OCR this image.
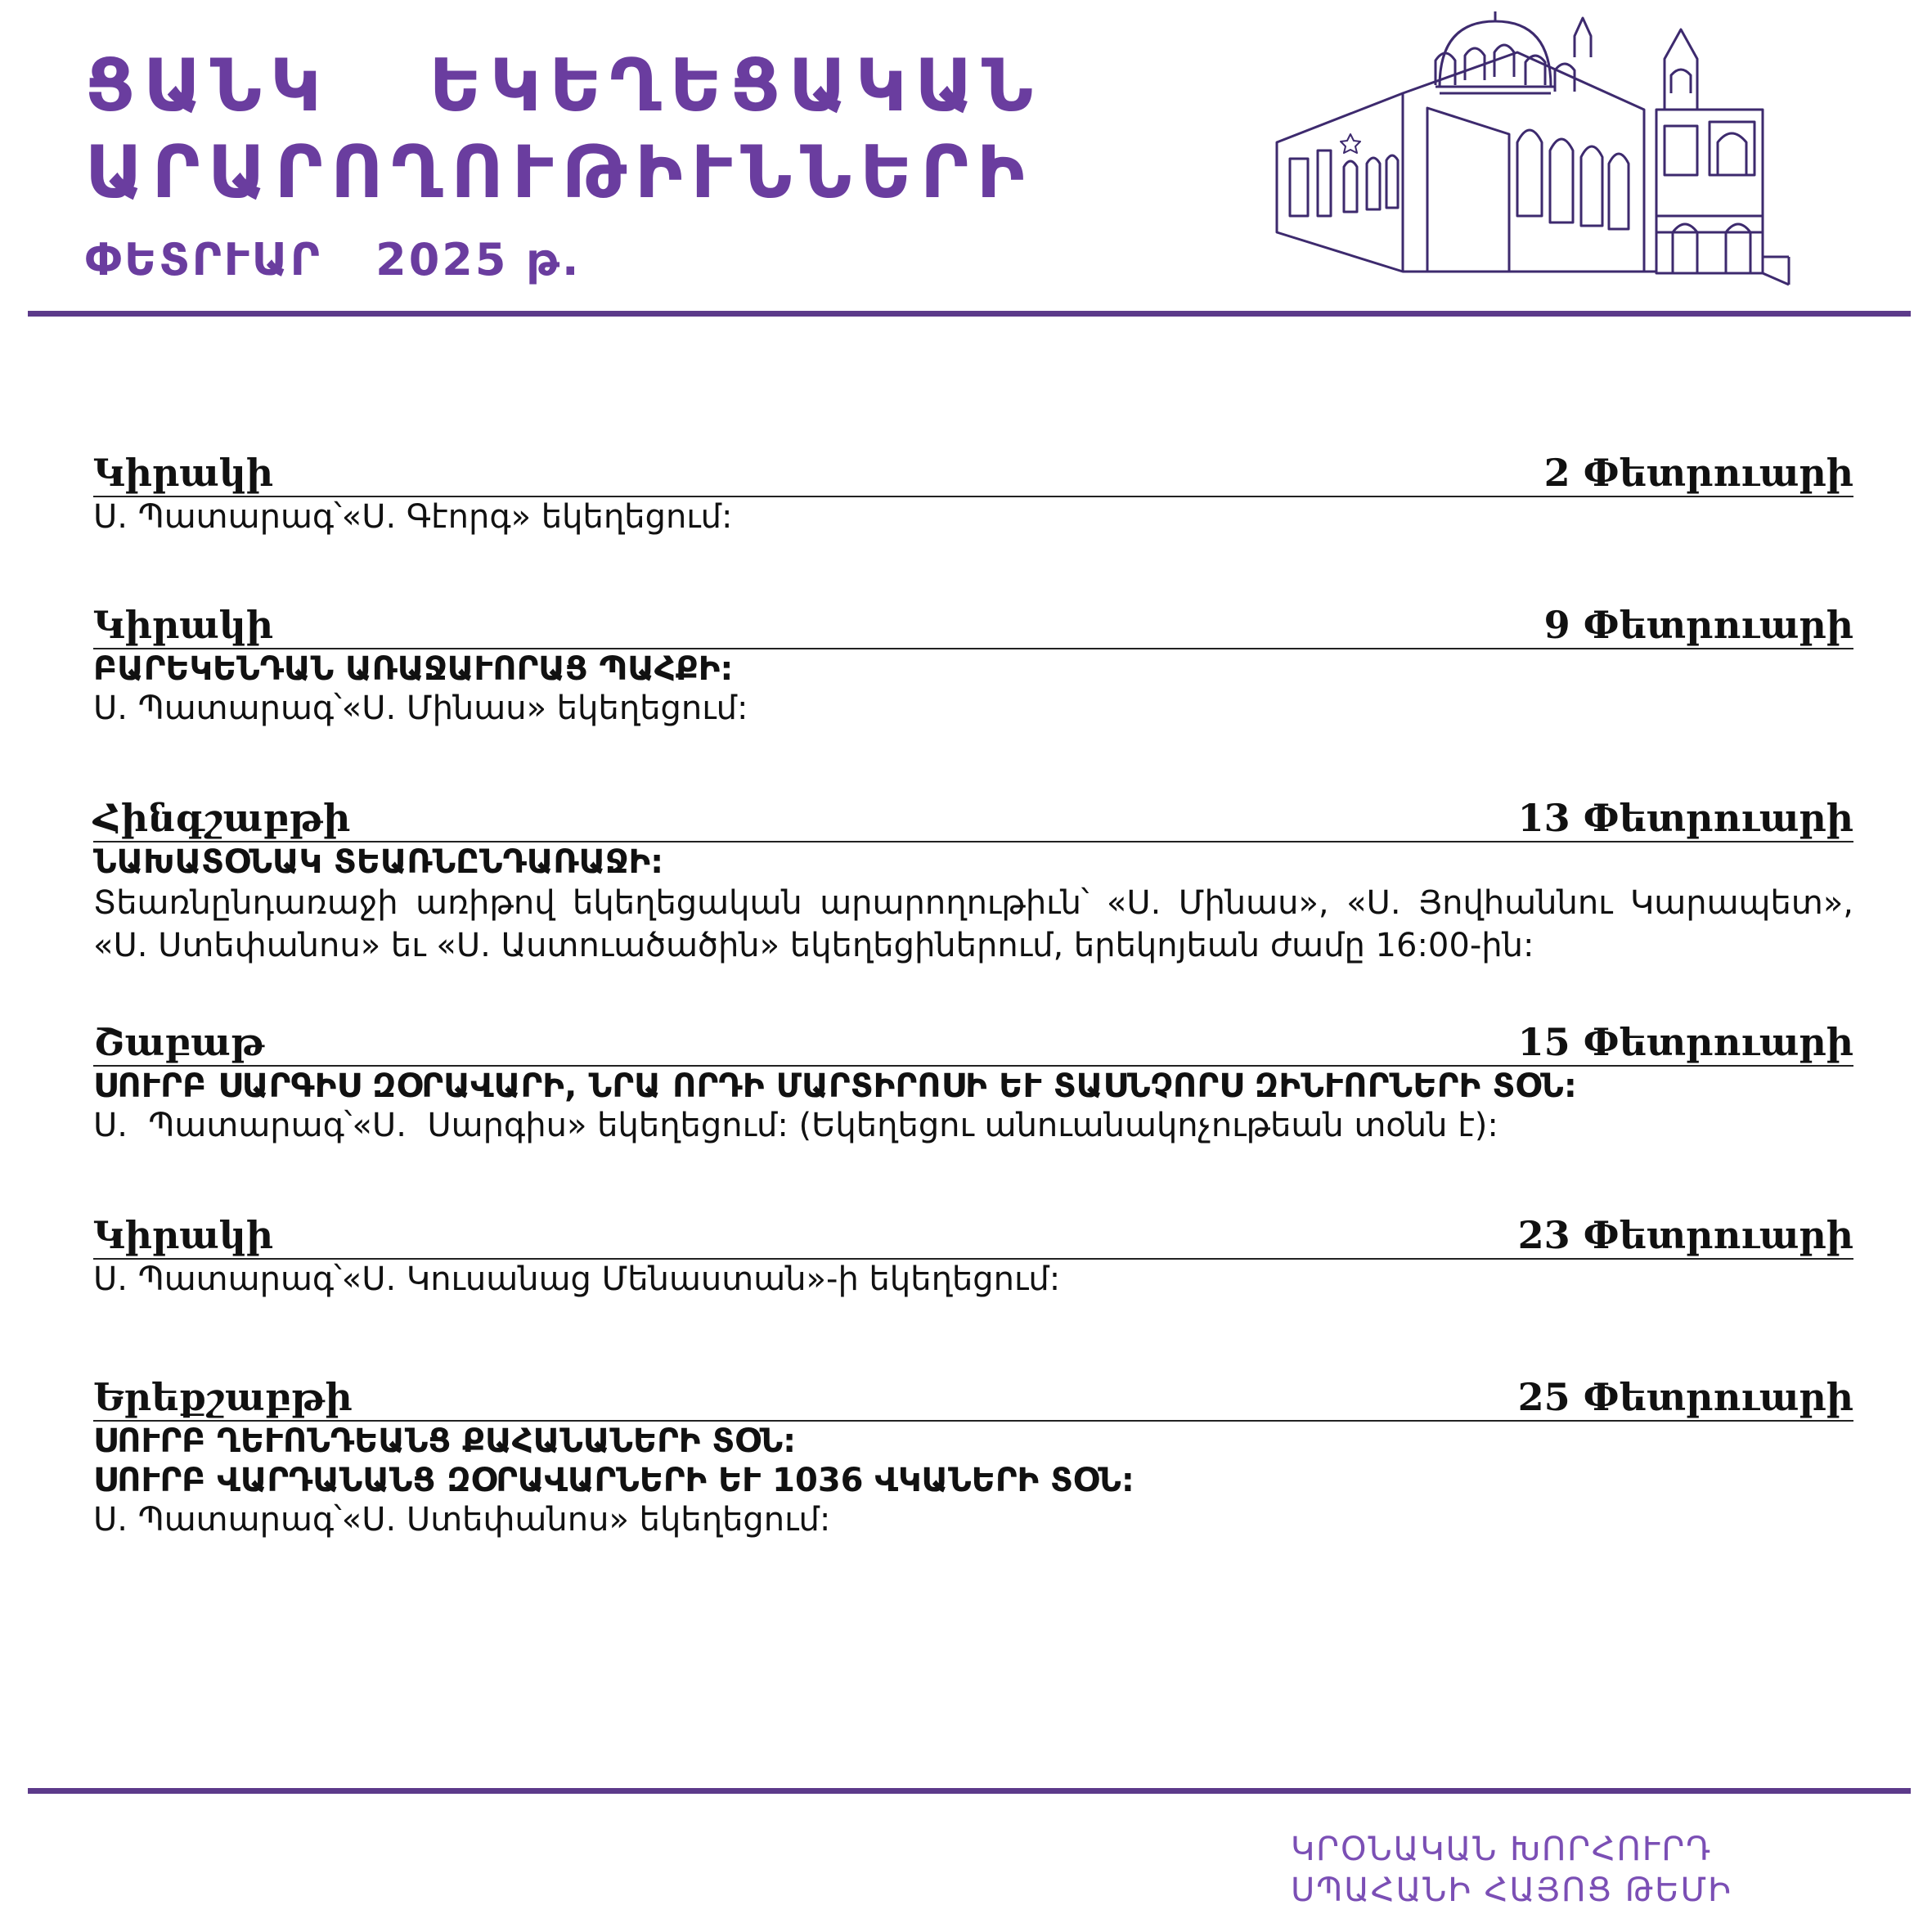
ՑԱՆԿ   ԵԿԵՂԵՑԱԿԱՆ
ԱՐԱՐՈՂՈՒԹԻՒՆՆԵՐԻ
ՓԵՏՐՒԱՐ 2025 թ.
Կիրակի	2 Փետրուարի
Ս. Պատարագ՝«Ս. Գէորգ» եկեղեցում:
Կիրակի	9 Փետրուարի
ԲԱՐԵԿԵՆԴԱՆ ԱՌԱՋԱՒՈՐԱՑ ՊԱՀՔԻ:
Ս. Պատարագ՝«Ս. Մինաս» եկեղեցում:
Հինգշաբթի	13 Փետրուարի
ՆԱԽԱՏՕՆԱԿ ՏԵԱՌՆԸՆԴԱՌԱՋԻ:
Տեառնընդառաջի առիթով եկեղեցական արարողութիւն՝ «Ս. Մինաս», «Ս. Յովհաննու Կարապետ», «Ս. Ստեփանոս» եւ «Ս. Աստուածածին» եկեղեցիներում, երեկոյեան ժամը 16:00-ին:
Շաբաթ	15 Փետրուարի
ՍՈՒՐԲ ՍԱՐԳԻՍ ԶՕՐԱՎԱՐԻ, ՆՐԱ ՈՐԴԻ ՄԱՐՏԻՐՈՍԻ ԵՒ ՏԱՍՆՉՈՐՍ ԶԻՆՒՈՐՆԵՐԻ ՏՕՆ:
Ս.  Պատարագ՝«Ս.  Սարգիս» եկեղեցում: (Եկեղեցու անուանակոչութեան տօնն է):
Կիրակի	23 Փետրուարի
Ս. Պատարագ՝«Ս. Կուսանաց Մենաստան»-ի եկեղեցում:
Երեքշաբթի	25 Փետրուարի
ՍՈՒՐԲ ՂԵՒՈՆԴԵԱՆՑ ՔԱՀԱՆԱՆԵՐԻ ՏՕՆ:
ՍՈՒՐԲ ՎԱՐԴԱՆԱՆՑ ԶՕՐԱՎԱՐՆԵՐԻ ԵՒ 1036 ՎԿԱՆԵՐԻ ՏՕՆ:
Ս. Պատարագ՝«Ս. Ստեփանոս» եկեղեցում:
ԿՐՕՆԱԿԱՆ ԽՈՐՀՈՒՐԴ
ՍՊԱՀԱՆԻ ՀԱՅՈՑ ԹԵՄԻ
